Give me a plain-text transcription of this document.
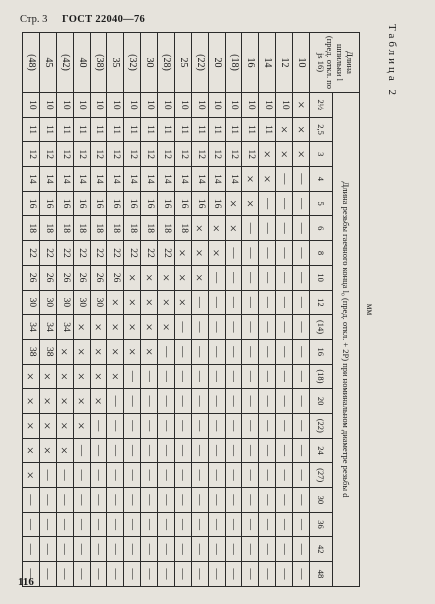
Стр. 3 ГОСТ 22040—76
Таблица 2
мм
Длина шпильки l (пред. откл. по js 16)	Длина резьбы гаечного конца l₀ (пред. откл. + 2P) при номинальном диаметре резьбы d																			
	2½	2,5	3	4	5	6	8	10	12	(14)	16	(18)	20	(22)	24	(27)	30	36	42	48
10	×	×	×	—	—	—	—	—	—	—	—	—	—	—	—	—	—	—	—	—
12	10	×	×	—	—	—	—	—	—	—	—	—	—	—	—	—	—	—	—	—
14	10	11	×	×	—	—	—	—	—	—	—	—	—	—	—	—	—	—	—	—
16	10	11	12	×	×	—	—	—	—	—	—	—	—	—	—	—	—	—	—	—
(18)	10	11	12	14	×	×	—	—	—	—	—	—	—	—	—	—	—	—	—	—
20	10	11	12	14	16	×	×	—	—	—	—	—	—	—	—	—	—	—	—	—
(22)	10	11	12	14	16	×	×	×	—	—	—	—	—	—	—	—	—	—	—	—
25	10	11	12	14	16	18	×	×	×	—	—	—	—	—	—	—	—	—	—	—
(28)	10	11	12	14	16	18	22	×	×	×	—	—	—	—	—	—	—	—	—	—
30	10	11	12	14	16	18	22	×	×	×	×	—	—	—	—	—	—	—	—	—
(32)	10	11	12	14	16	18	22	×	×	×	×	—	—	—	—	—	—	—	—	—
35	10	11	12	14	16	18	22	26	×	×	×	×	—	—	—	—	—	—	—	—
(38)	10	11	12	14	16	18	22	26	30	×	×	×	×	—	—	—	—	—	—	—
40	10	11	12	14	16	18	22	26	30	×	×	×	×	×	—	—	—	—	—	—
(42)	10	11	12	14	16	18	22	26	30	34	×	×	×	×	×	—	—	—	—	—
45	10	11	12	14	16	18	22	26	30	34	38	×	×	×	×	—	—	—	—	—
(48)	10	11	12	14	16	18	22	26	30	34	38	×	×	×	×	×	—	—	—	—
116
